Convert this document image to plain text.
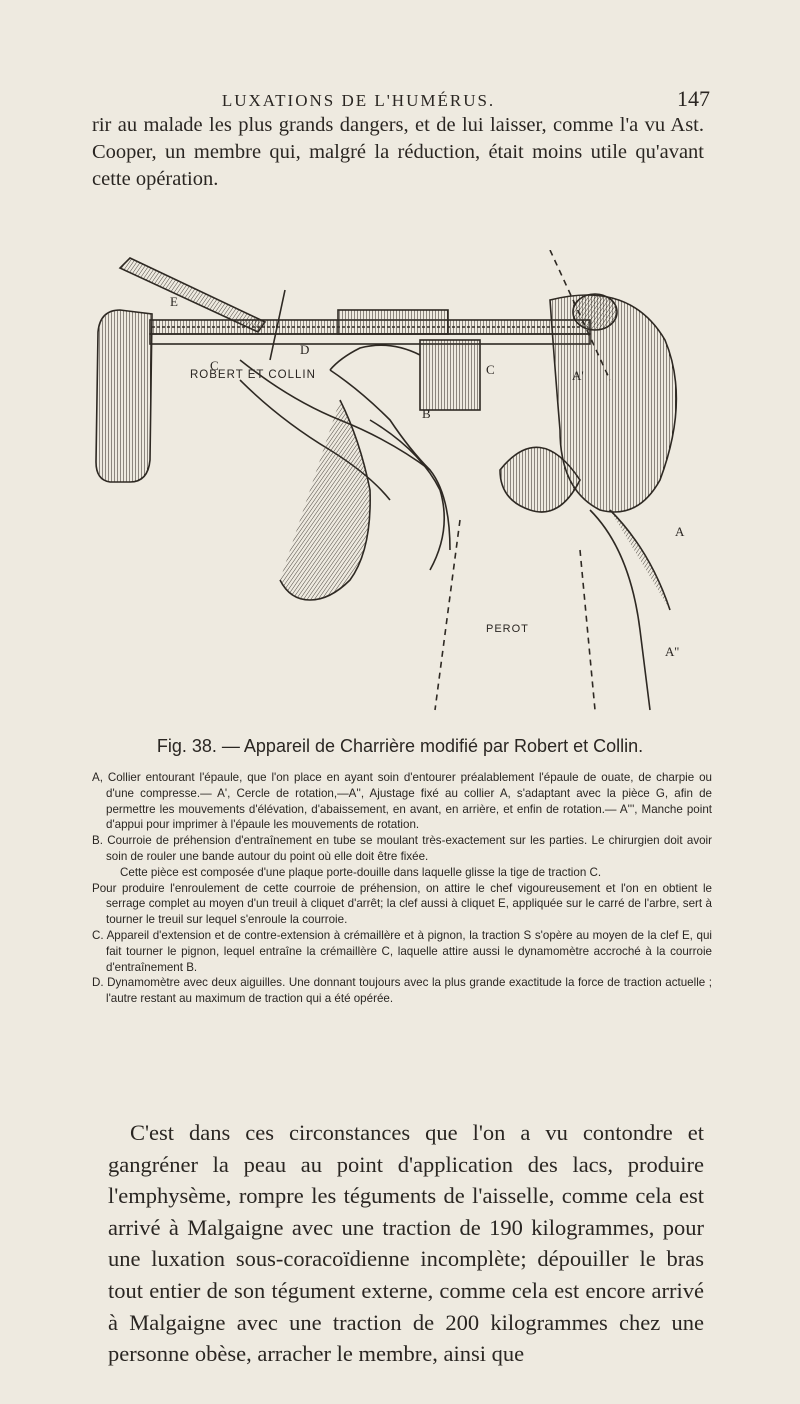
LUXATIONS DE L'HUMÉRUS.	147

rir au malade les plus grands dangers, et de lui laisser, comme l'a vu Ast. Cooper, un membre qui, malgré la réduction, était moins utile qu'avant cette opération.

E
C
D
C	A'
B
A
A''
ROBERT ET COLLIN
PEROT

Fig. 38. — Appareil de Charrière modifié par Robert et Collin.

A, Collier entourant l'épaule, que l'on place en ayant soin d'entourer préalablement l'épaule de ouate, de charpie ou d'une compresse.— A', Cercle de rotation,—A'', Ajustage fixé au collier A, s'adaptant avec la pièce G, afin de permettre les mouvements d'élévation, d'abaissement, en avant, en arrière, et enfin de rotation.— A''', Manche point d'appui pour imprimer à l'épaule les mouvements de rotation.

B. Courroie de préhension d'entraînement en tube se moulant très-exactement sur les parties. Le chirurgien doit avoir soin de rouler une bande autour du point où elle doit être fixée.

Cette pièce est composée d'une plaque porte-douille dans laquelle glisse la tige de traction C.

Pour produire l'enroulement de cette courroie de préhension, on attire le chef vigoureusement et l'on en obtient le serrage complet au moyen d'un treuil à cliquet d'arrêt; la clef aussi à cliquet E, appliquée sur le carré de l'arbre, sert à tourner le treuil sur lequel s'enroule la courroie.

C. Appareil d'extension et de contre-extension à crémaillère et à pignon, la traction S s'opère au moyen de la clef E, qui fait tourner le pignon, lequel entraîne la crémaillère C, laquelle attire aussi le dynamomètre accroché à la courroie d'entraînement B.

D. Dynamomètre avec deux aiguilles. Une donnant toujours avec la plus grande exactitude la force de traction actuelle ; l'autre restant au maximum de traction qui a été opérée.

C'est dans ces circonstances que l'on a vu contondre et gangréner la peau au point d'application des lacs, produire l'emphysème, rompre les téguments de l'aisselle, comme cela est arrivé à Malgaigne avec une traction de 190 kilogrammes, pour une luxation sous-coracoïdienne incomplète; dépouiller le bras tout entier de son tégument externe, comme cela est encore arrivé à Malgaigne avec une traction de 200 kilogrammes chez une personne obèse, arracher le membre, ainsi que
